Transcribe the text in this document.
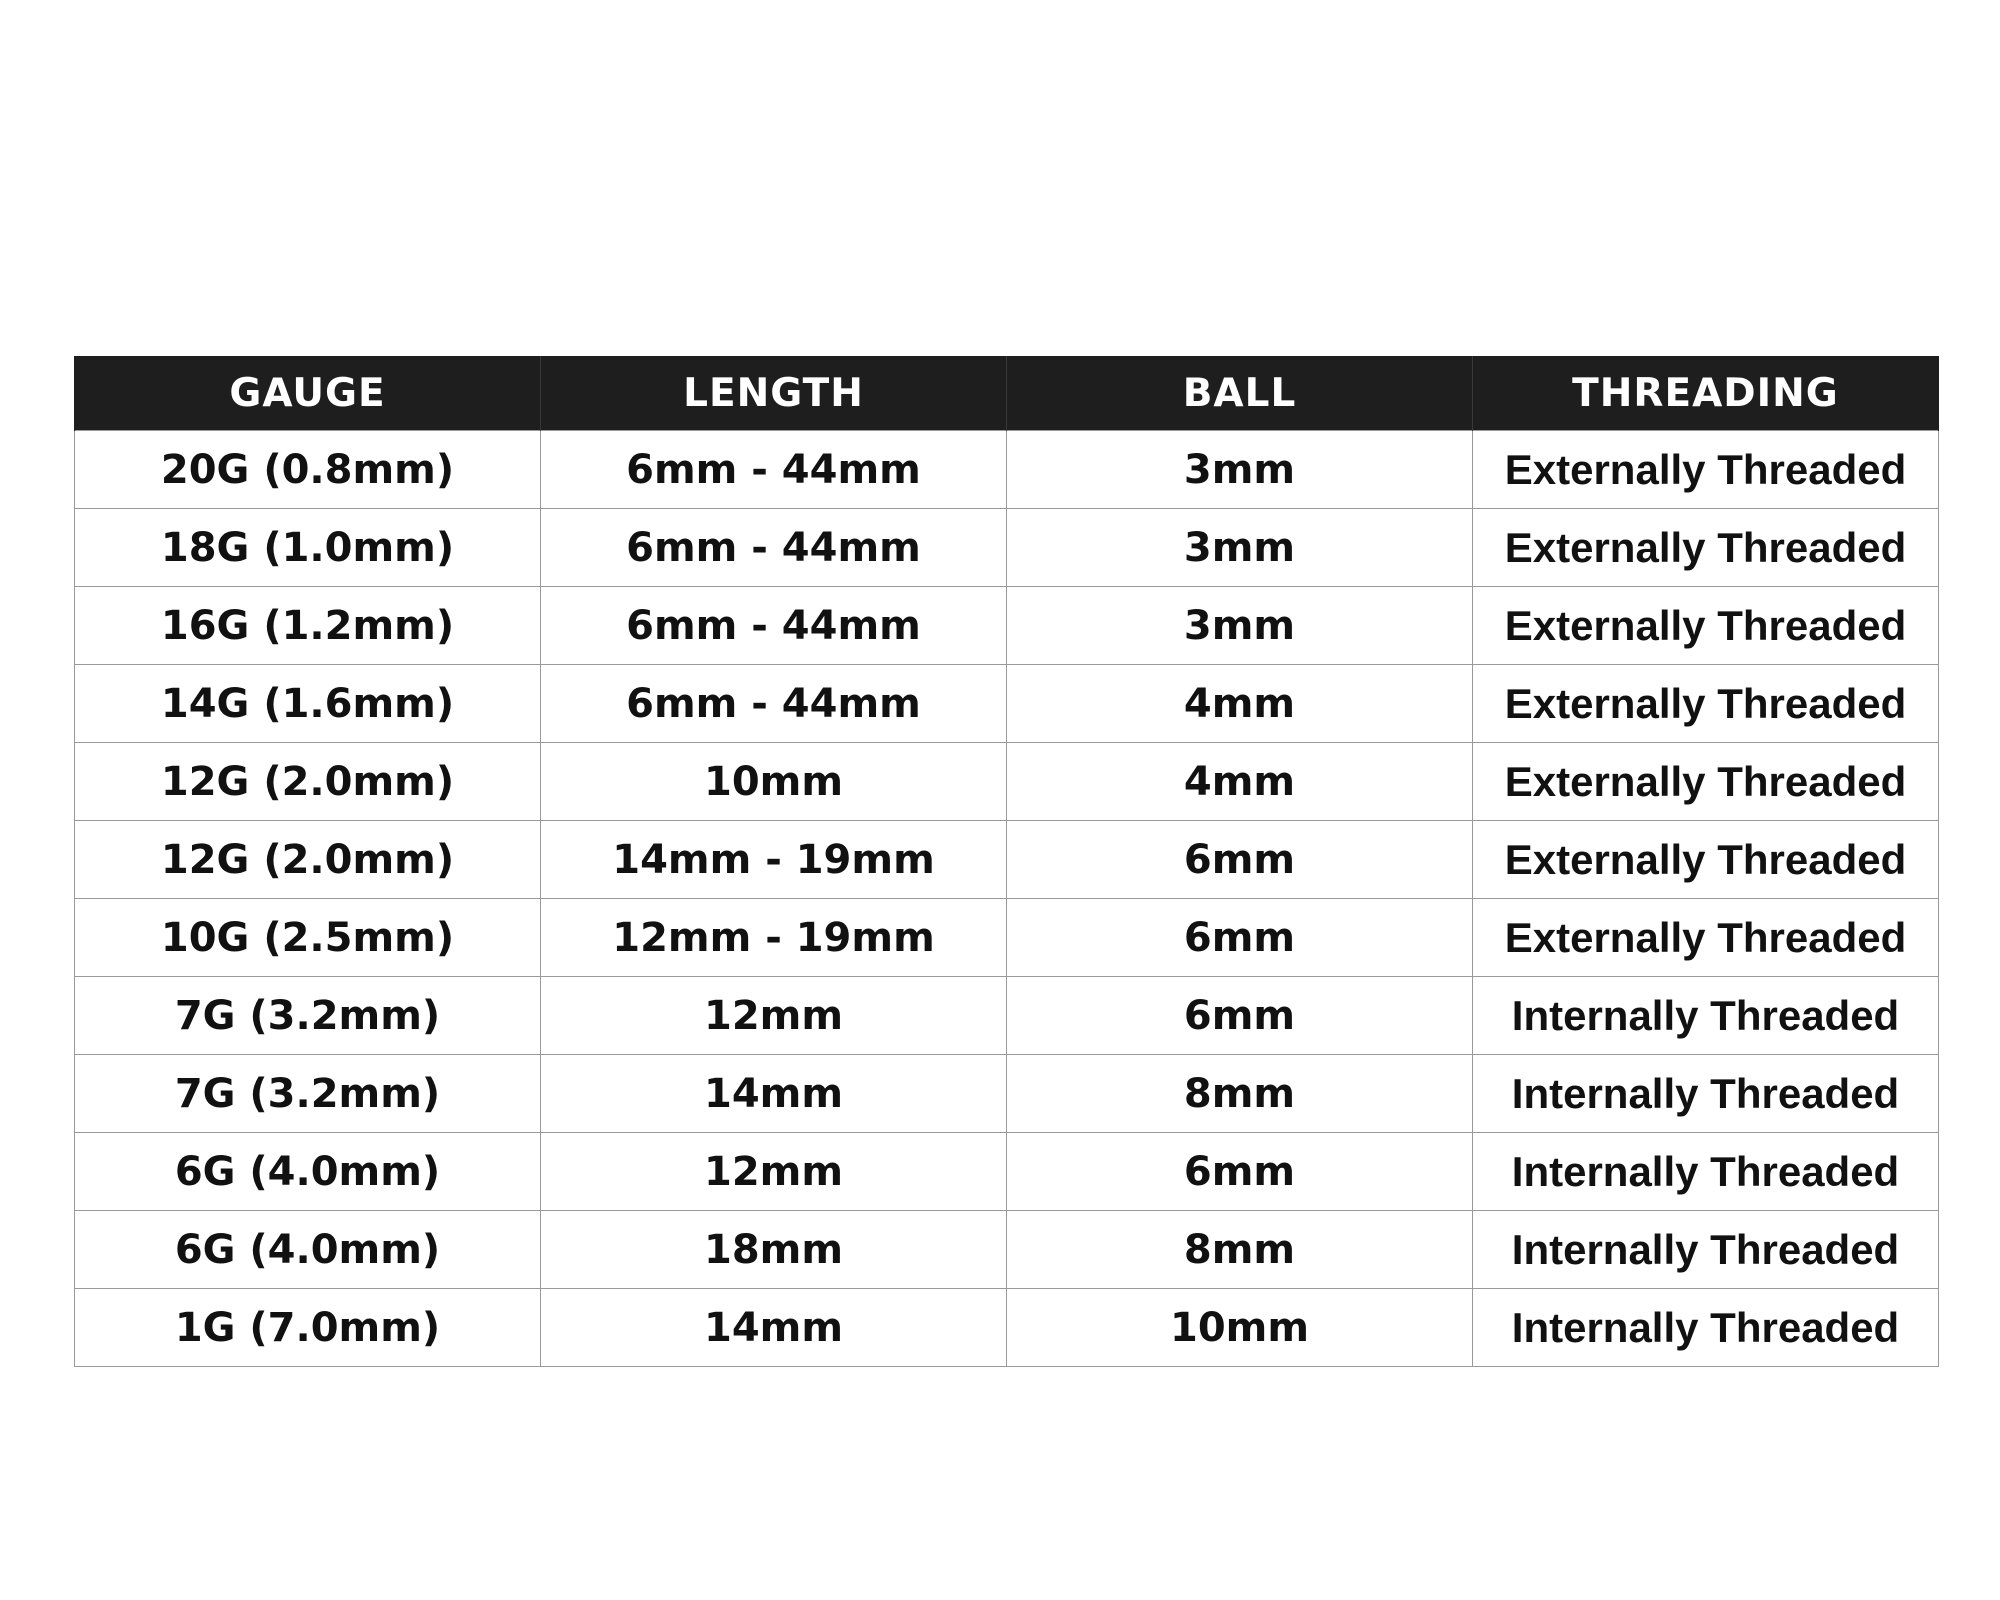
GAUGE	LENGTH	BALL	THREADING
20G (0.8mm)	6mm - 44mm	3mm	Externally Threaded
18G (1.0mm)	6mm - 44mm	3mm	Externally Threaded
16G (1.2mm)	6mm - 44mm	3mm	Externally Threaded
14G (1.6mm)	6mm - 44mm	4mm	Externally Threaded
12G (2.0mm)	10mm	4mm	Externally Threaded
12G (2.0mm)	14mm - 19mm	6mm	Externally Threaded
10G (2.5mm)	12mm - 19mm	6mm	Externally Threaded
7G (3.2mm)	12mm	6mm	Internally Threaded
7G (3.2mm)	14mm	8mm	Internally Threaded
6G (4.0mm)	12mm	6mm	Internally Threaded
6G (4.0mm)	18mm	8mm	Internally Threaded
1G (7.0mm)	14mm	10mm	Internally Threaded
